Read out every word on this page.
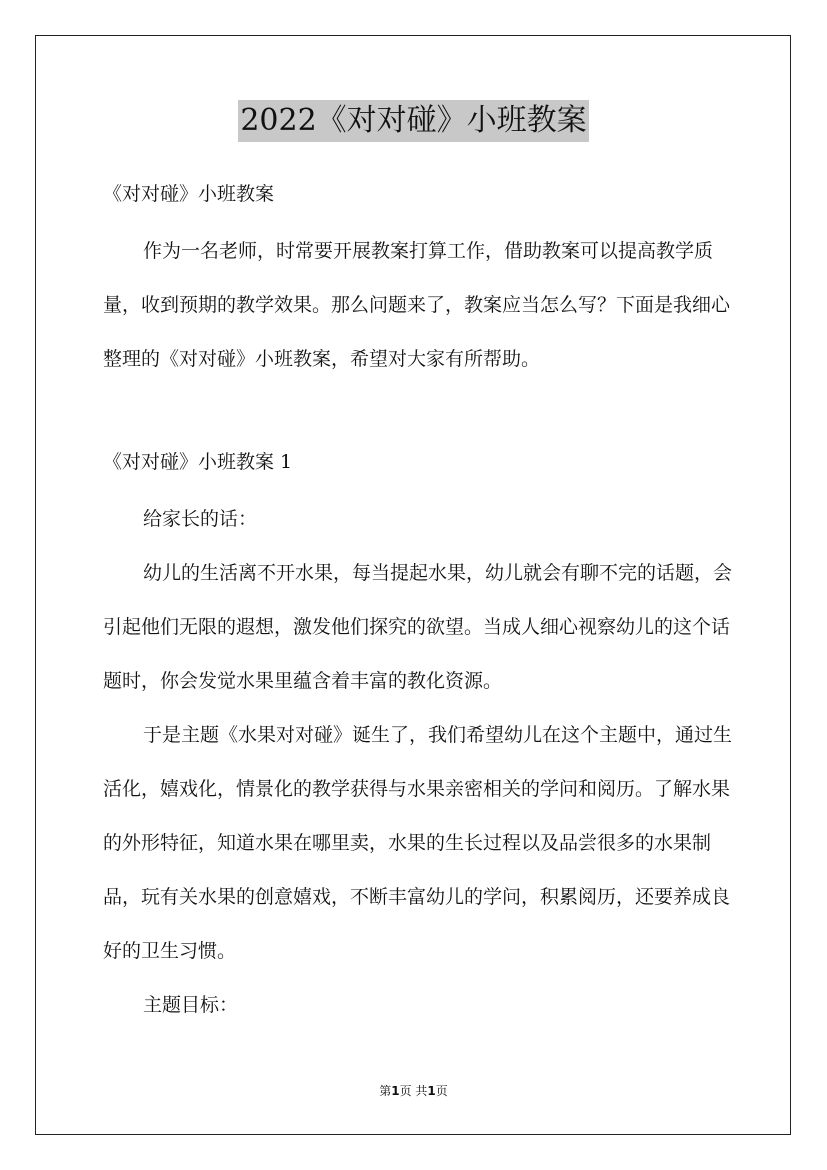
2022《对对碰》小班教案

《对对碰》小班教案

作为一名老师，时常要开展教案打算工作，借助教案可以提高教学质量，收到预期的教学效果。那么问题来了，教案应当怎么写？下面是我细心整理的《对对碰》小班教案，希望对大家有所帮助。

《对对碰》小班教案 1

给家长的话：

幼儿的生活离不开水果，每当提起水果，幼儿就会有聊不完的话题，会引起他们无限的遐想，激发他们探究的欲望。当成人细心视察幼儿的这个话题时，你会发觉水果里蕴含着丰富的教化资源。

于是主题《水果对对碰》诞生了，我们希望幼儿在这个主题中，通过生活化，嬉戏化，情景化的教学获得与水果亲密相关的学问和阅历。了解水果的外形特征，知道水果在哪里卖，水果的生长过程以及品尝很多的水果制品，玩有关水果的创意嬉戏，不断丰富幼儿的学问，积累阅历，还要养成良好的卫生习惯。

主题目标：

第1页 共1页
